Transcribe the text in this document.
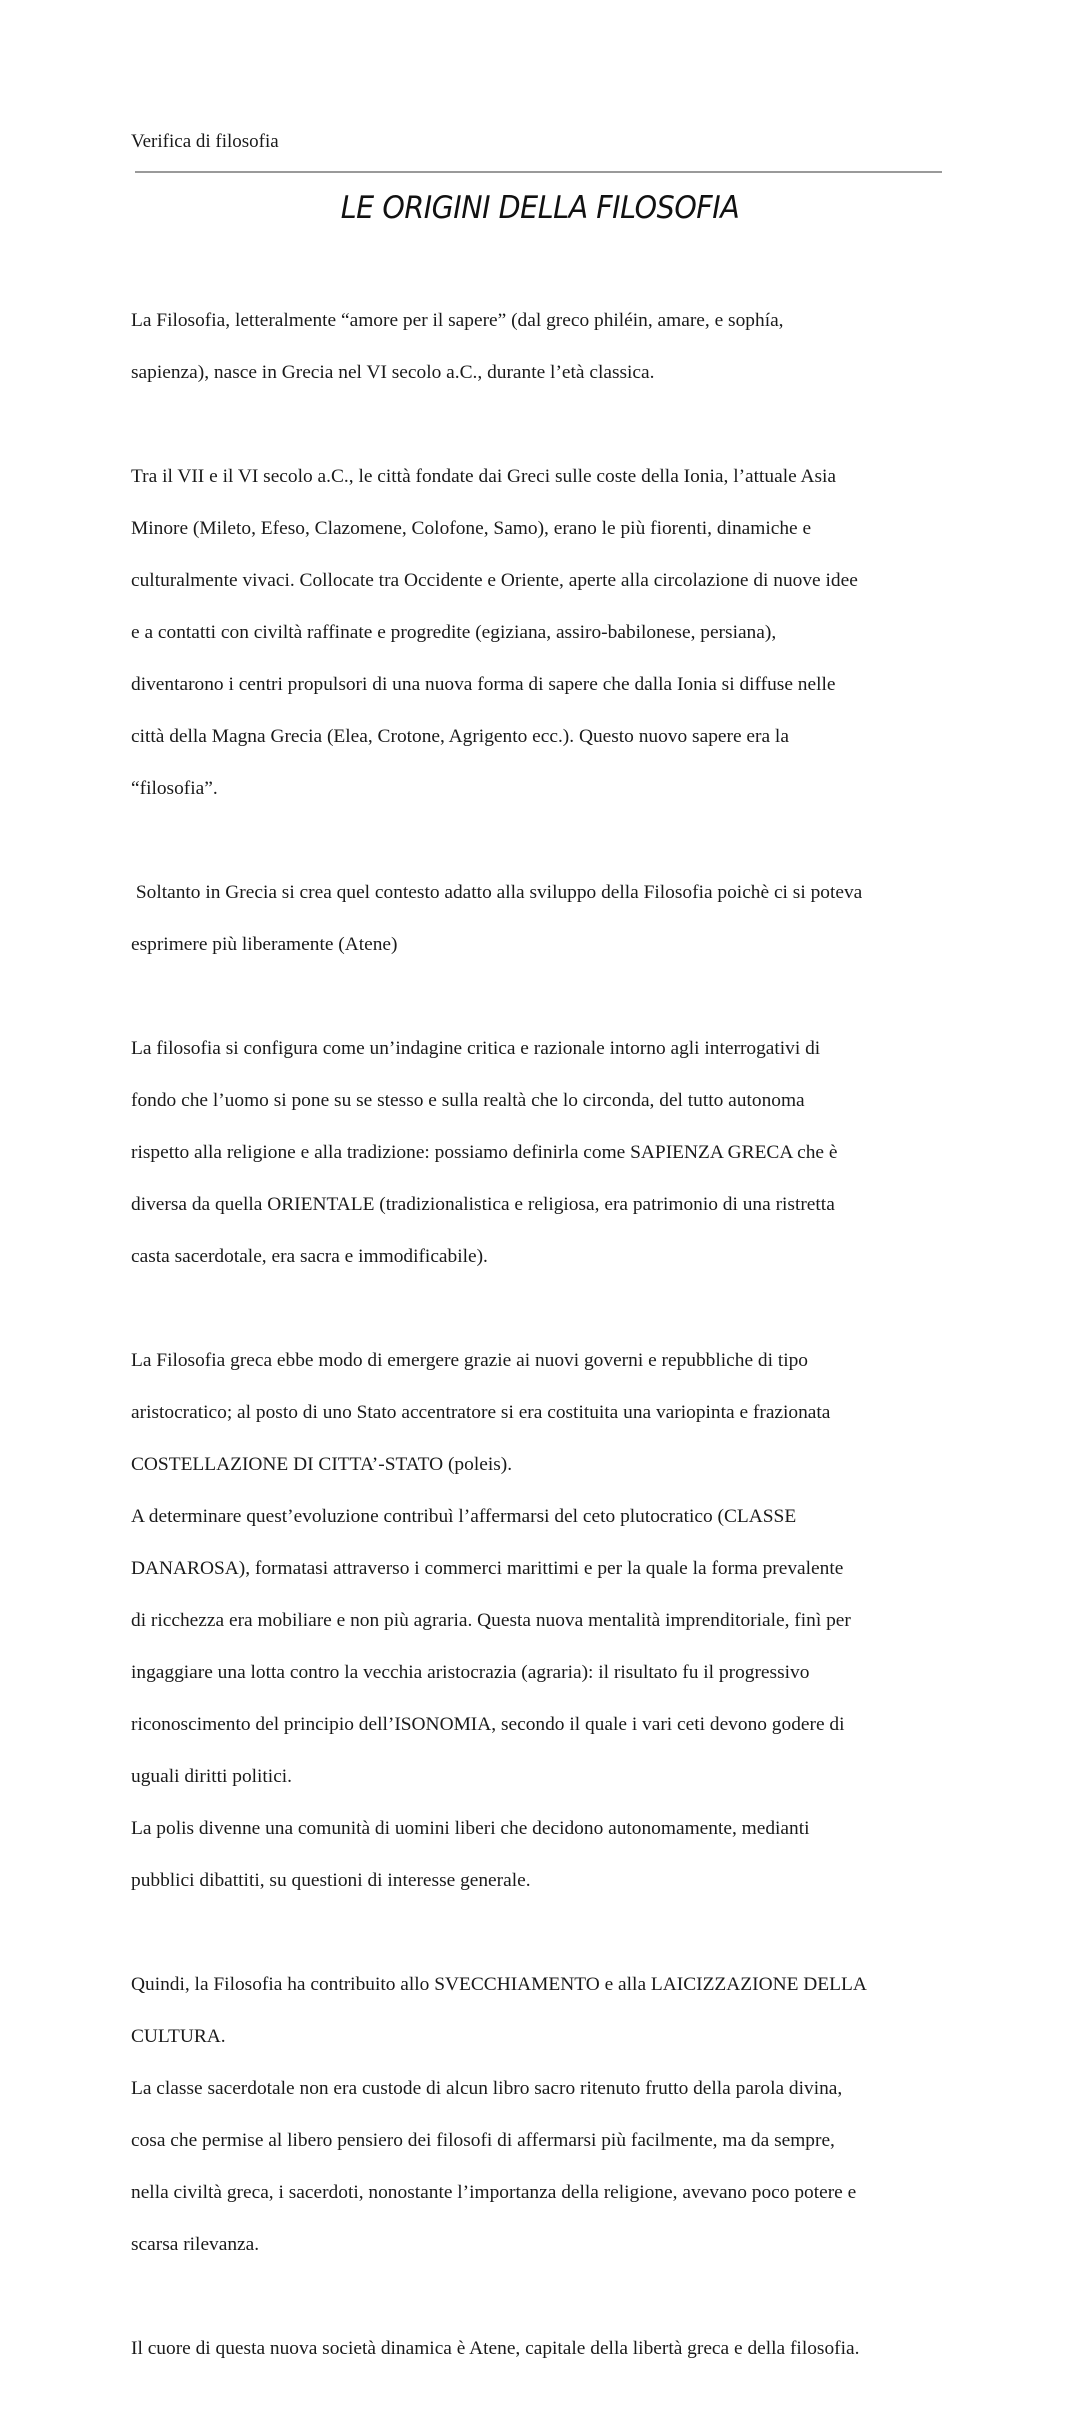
Verifica di filosofia
LE ORIGINI DELLA FILOSOFIA

La Filosofia, letteralmente “amore per il sapere” (dal greco philéin, amare, e sophía,

sapienza), nasce in Grecia nel VI secolo a.C., durante l’età classica.

Tra il VII e il VI secolo a.C., le città fondate dai Greci sulle coste della Ionia, l’attuale Asia

Minore (Mileto, Efeso, Clazomene, Colofone, Samo), erano le più fiorenti, dinamiche e

culturalmente vivaci. Collocate tra Occidente e Oriente, aperte alla circolazione di nuove idee

e a contatti con civiltà raffinate e progredite (egiziana, assiro-babilonese, persiana),

diventarono i centri propulsori di una nuova forma di sapere che dalla Ionia si diffuse nelle

città della Magna Grecia (Elea, Crotone, Agrigento ecc.). Questo nuovo sapere era la

“filosofia”.

Soltanto in Grecia si crea quel contesto adatto alla sviluppo della Filosofia poichè ci si poteva

esprimere più liberamente (Atene)

La filosofia si configura come un’indagine critica e razionale intorno agli interrogativi di

fondo che l’uomo si pone su se stesso e sulla realtà che lo circonda, del tutto autonoma

rispetto alla religione e alla tradizione: possiamo definirla come SAPIENZA GRECA che è

diversa da quella ORIENTALE (tradizionalistica e religiosa, era patrimonio di una ristretta

casta sacerdotale, era sacra e immodificabile).

La Filosofia greca ebbe modo di emergere grazie ai nuovi governi e repubbliche di tipo

aristocratico; al posto di uno Stato accentratore si era costituita una variopinta e frazionata

COSTELLAZIONE DI CITTA’-STATO (poleis).

A determinare quest’evoluzione contribuì l’affermarsi del ceto plutocratico (CLASSE

DANAROSA), formatasi attraverso i commerci marittimi e per la quale la forma prevalente

di ricchezza era mobiliare e non più agraria. Questa nuova mentalità imprenditoriale, finì per

ingaggiare una lotta contro la vecchia aristocrazia (agraria): il risultato fu il progressivo

riconoscimento del principio dell’ISONOMIA, secondo il quale i vari ceti devono godere di

uguali diritti politici.

La polis divenne una comunità di uomini liberi che decidono autonomamente, medianti

pubblici dibattiti, su questioni di interesse generale.

Quindi, la Filosofia ha contribuito allo SVECCHIAMENTO e alla LAICIZZAZIONE DELLA

CULTURA.

La classe sacerdotale non era custode di alcun libro sacro ritenuto frutto della parola divina,

cosa che permise al libero pensiero dei filosofi di affermarsi più facilmente, ma da sempre,

nella civiltà greca, i sacerdoti, nonostante l’importanza della religione, avevano poco potere e

scarsa rilevanza.

Il cuore di questa nuova società dinamica è Atene, capitale della libertà greca e della filosofia.
